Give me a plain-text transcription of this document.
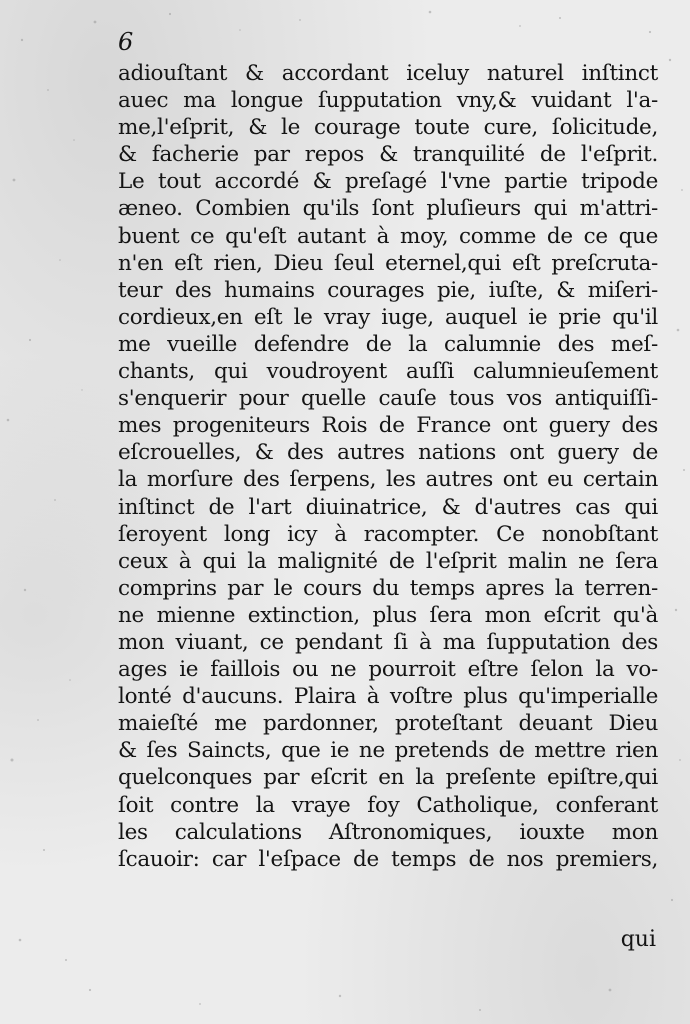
6
adiouſtant & accordant iceluy naturel inſtinct
auec ma longue ſupputation vny,& vuidant l'a-
me,l'eſprit, & le courage toute cure, ſolicitude,
& facherie par repos & tranquilité de l'eſprit.
Le tout accordé & preſagé l'vne partie tripode
æneo. Combien qu'ils ſont pluſieurs qui m'attri-
buent ce qu'eſt autant à moy, comme de ce que
n'en eſt rien, Dieu ſeul eternel,qui eſt preſcruta-
teur des humains courages pie, iuſte, & miſeri-
cordieux,en eſt le vray iuge, auquel ie prie qu'il
me vueille defendre de la calumnie des meſ-
chants, qui voudroyent auſſi calumnieuſement
s'enquerir pour quelle cauſe tous vos antiquiſſi-
mes progeniteurs Rois de France ont guery des
eſcrouelles, & des autres nations ont guery de
la morſure des ſerpens, les autres ont eu certain
inſtinct de l'art diuinatrice, & d'autres cas qui
ſeroyent long icy à racompter. Ce nonobſtant
ceux à qui la malignité de l'eſprit malin ne ſera
comprins par le cours du temps apres la terren-
ne mienne extinction, plus ſera mon eſcrit qu'à
mon viuant, ce pendant ſi à ma ſupputation des
ages ie faillois ou ne pourroit eſtre ſelon la vo-
lonté d'aucuns. Plaira à voſtre plus qu'imperialle
maieſté me pardonner, proteſtant deuant Dieu
& ſes Saincts, que ie ne pretends de mettre rien
quelconques par eſcrit en la preſente epiſtre,qui
ſoit contre la vraye foy Catholique, conferant
les calculations Aſtronomiques, iouxte mon
ſcauoir: car l'eſpace de temps de nos premiers,
qui
